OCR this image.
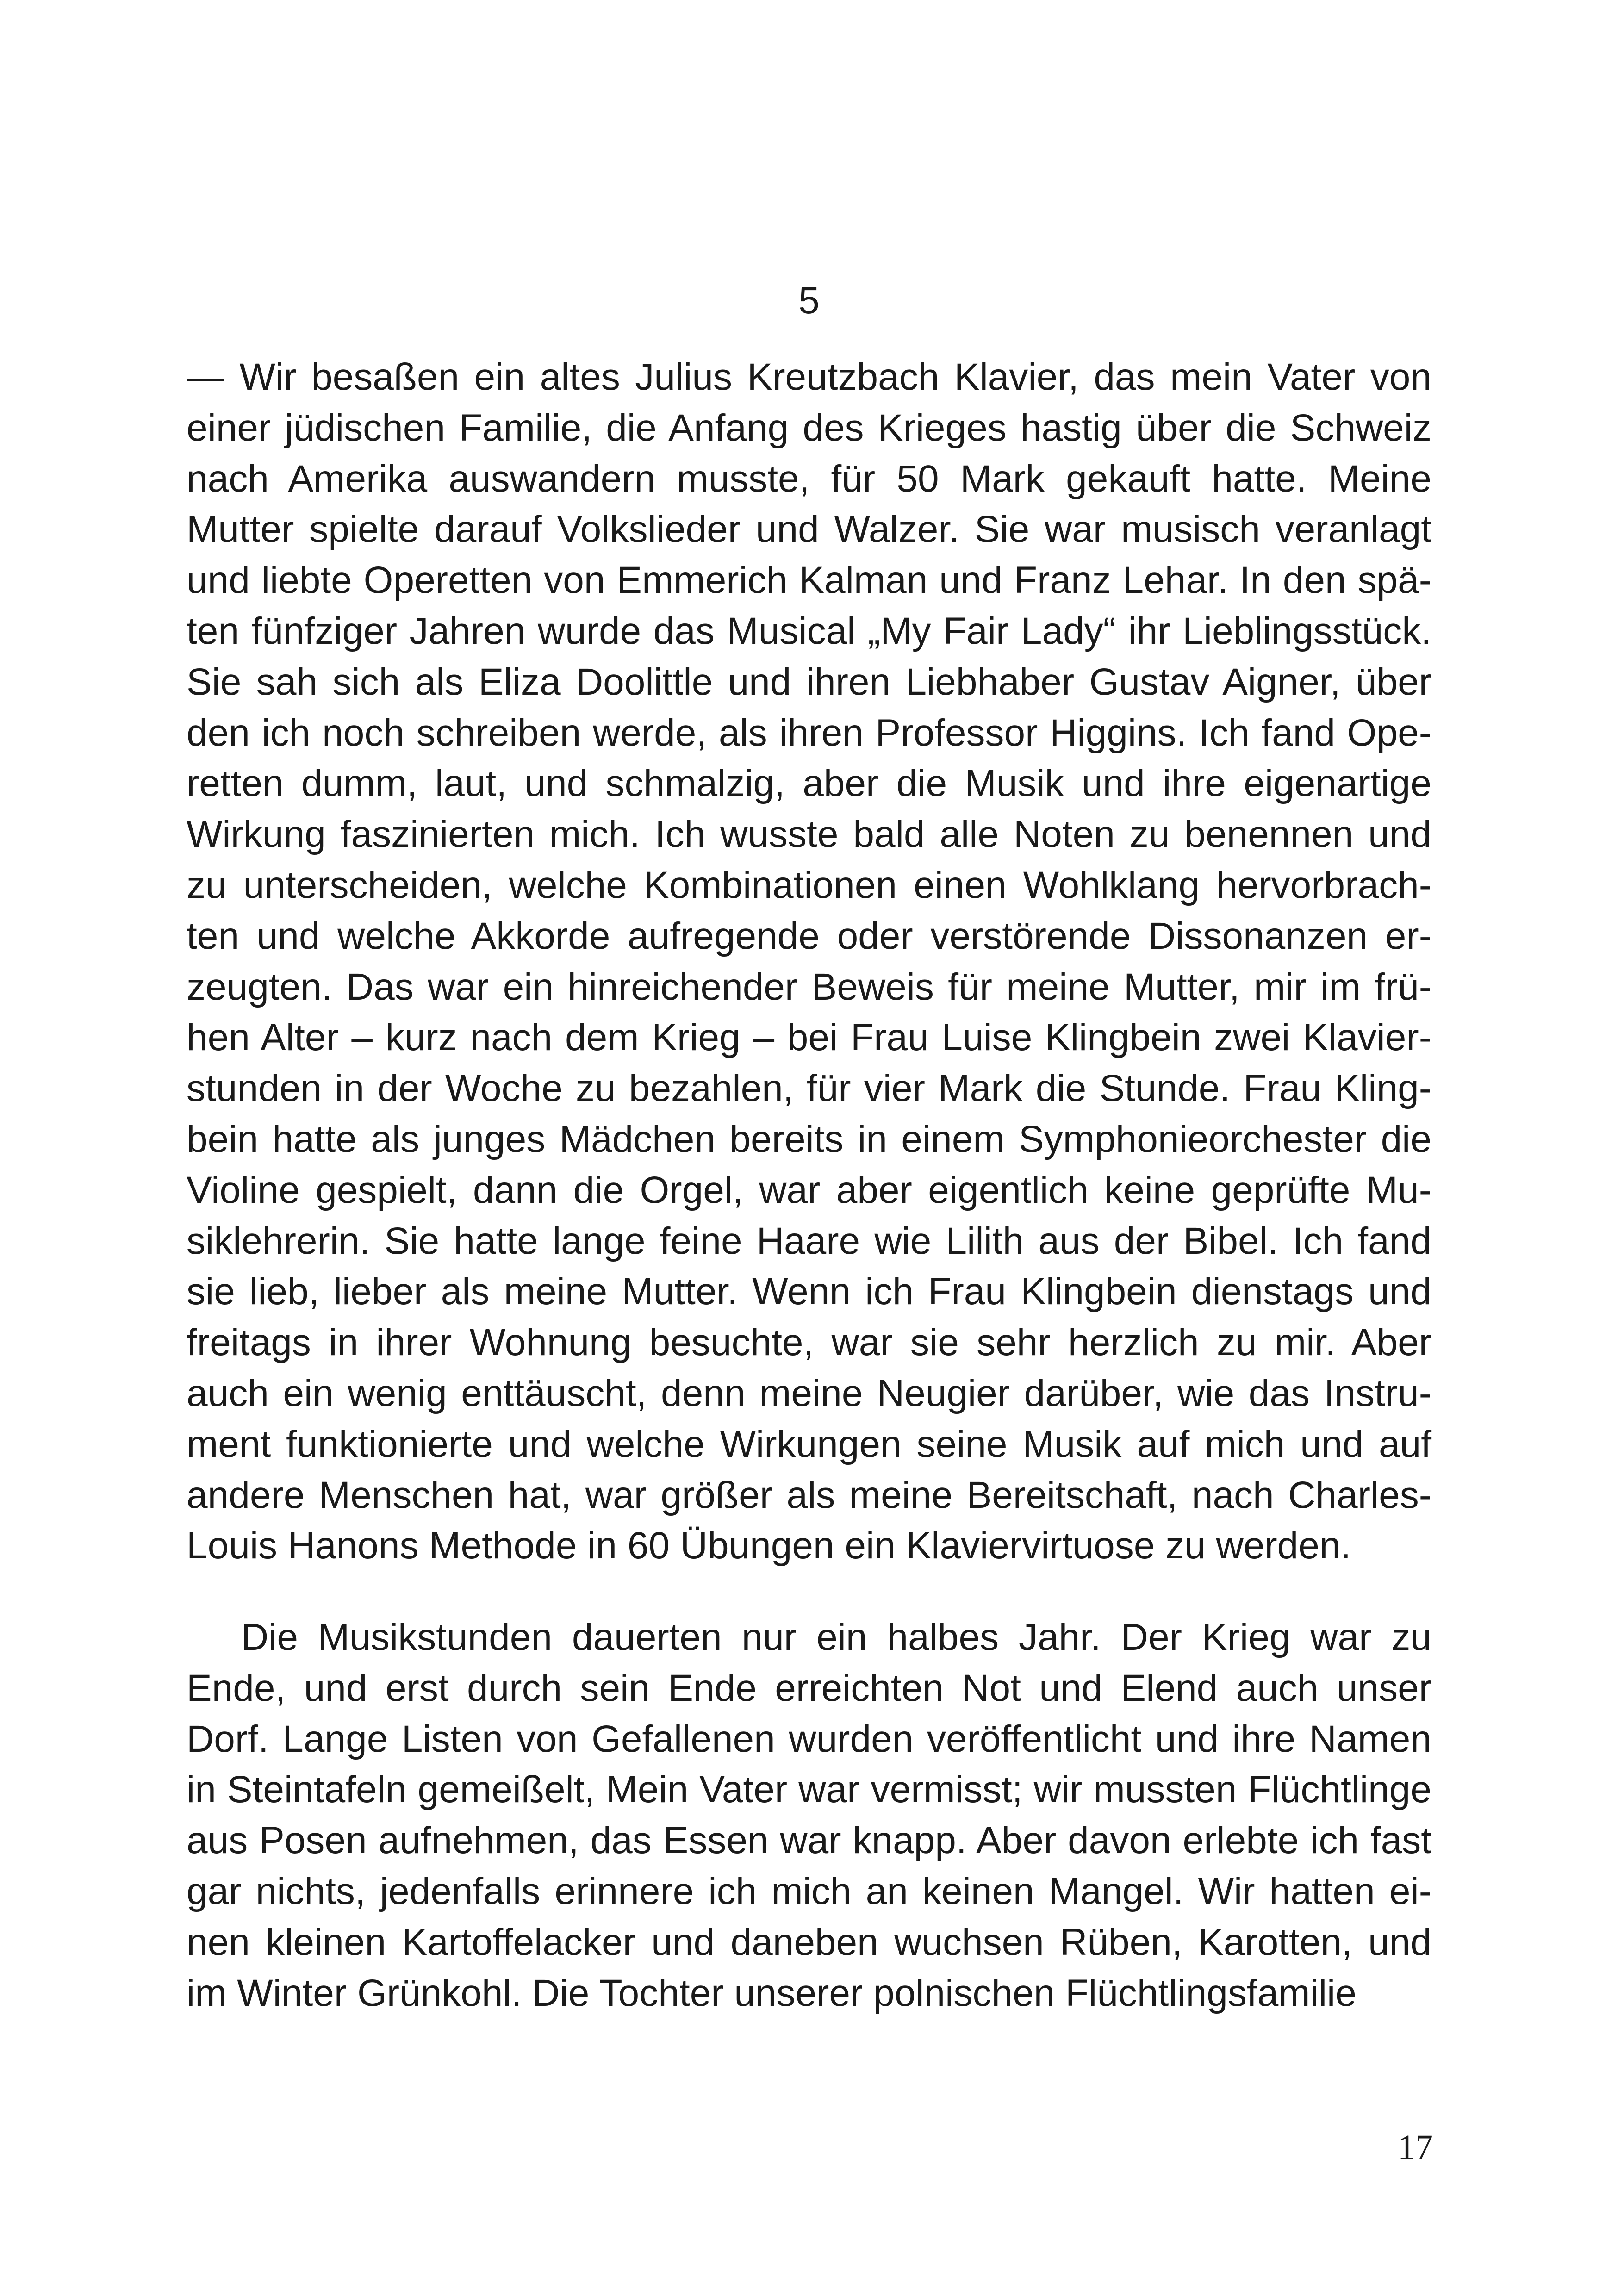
5

— Wir besaßen ein altes Julius Kreutzbach Klavier, das mein Vater von einer jüdischen Familie, die Anfang des Krieges hastig über die Schweiz nach Amerika auswandern musste, für 50 Mark gekauft hatte. Meine Mutter spielte darauf Volkslieder und Walzer. Sie war musisch veranlagt und liebte Operetten von Emmerich Kalman und Franz Lehar. In den späten fünfziger Jahren wurde das Musical „My Fair Lady“ ihr Lieblingsstück. Sie sah sich als Eliza Doolittle und ihren Liebhaber Gustav Aigner, über den ich noch schreiben werde, als ihren Professor Higgins. Ich fand Operetten dumm, laut, und schmalzig, aber die Musik und ihre eigenartige Wirkung faszinierten mich. Ich wusste bald alle Noten zu benennen und zu unterscheiden, welche Kombinationen einen Wohlklang hervorbrachten und welche Akkorde aufregende oder verstörende Dissonanzen erzeugten. Das war ein hinreichender Beweis für meine Mutter, mir im frühen Alter – kurz nach dem Krieg – bei Frau Luise Klingbein zwei Klavierstunden in der Woche zu bezahlen, für vier Mark die Stunde. Frau Klingbein hatte als junges Mädchen bereits in einem Symphonieorchester die Violine gespielt, dann die Orgel, war aber eigentlich keine geprüfte Musiklehrerin. Sie hatte lange feine Haare wie Lilith aus der Bibel. Ich fand sie lieb, lieber als meine Mutter. Wenn ich Frau Klingbein dienstags und freitags in ihrer Wohnung besuchte, war sie sehr herzlich zu mir. Aber auch ein wenig enttäuscht, denn meine Neugier darüber, wie das Instrument funktionierte und welche Wirkungen seine Musik auf mich und auf andere Menschen hat, war größer als meine Bereitschaft, nach Charles-Louis Hanons Methode in 60 Übungen ein Klaviervirtuose zu werden.

Die Musikstunden dauerten nur ein halbes Jahr. Der Krieg war zu Ende, und erst durch sein Ende erreichten Not und Elend auch unser Dorf. Lange Listen von Gefallenen wurden veröffentlicht und ihre Namen in Steintafeln gemeißelt, Mein Vater war vermisst; wir mussten Flüchtlinge aus Posen aufnehmen, das Essen war knapp. Aber davon erlebte ich fast gar nichts, jedenfalls erinnere ich mich an keinen Mangel. Wir hatten einen kleinen Kartoffelacker und daneben wuchsen Rüben, Karotten, und im Winter Grünkohl. Die Tochter unserer polnischen Flüchtlingsfamilie

17
